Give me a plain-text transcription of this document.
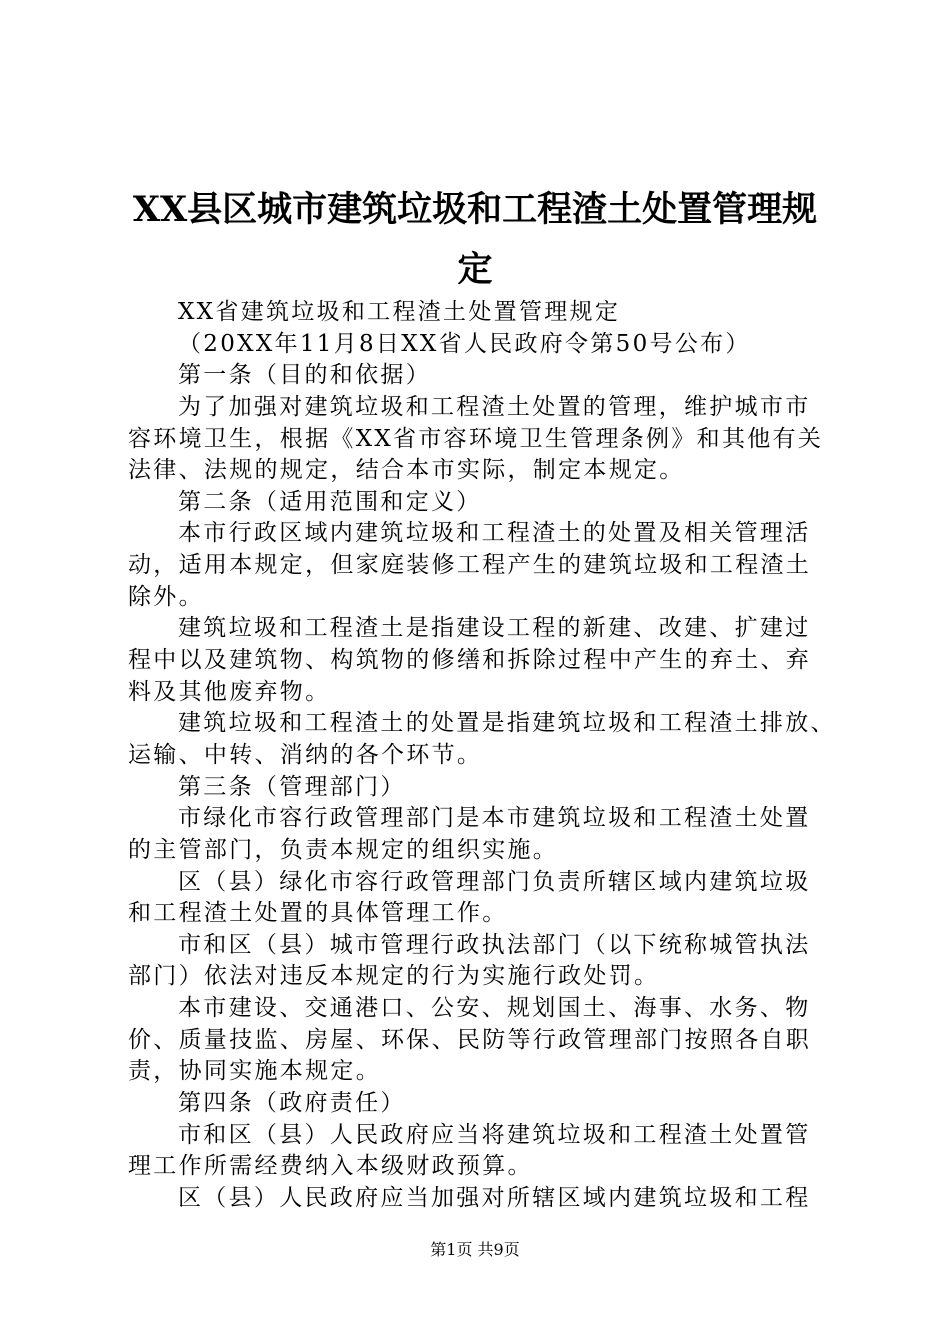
XX县区城市建筑垃圾和工程渣土处置管理规
定
XX省建筑垃圾和工程渣土处置管理规定
（20XX年11月8日XX省人民政府令第50号公布）
第一条（目的和依据）
为了加强对建筑垃圾和工程渣土处置的管理，维护城市市
容环境卫生，根据《XX省市容环境卫生管理条例》和其他有关
法律、法规的规定，结合本市实际，制定本规定。
第二条（适用范围和定义）
本市行政区域内建筑垃圾和工程渣土的处置及相关管理活
动，适用本规定，但家庭装修工程产生的建筑垃圾和工程渣土
除外。
建筑垃圾和工程渣土是指建设工程的新建、改建、扩建过
程中以及建筑物、构筑物的修缮和拆除过程中产生的弃土、弃
料及其他废弃物。
建筑垃圾和工程渣土的处置是指建筑垃圾和工程渣土排放、
运输、中转、消纳的各个环节。
第三条（管理部门）
市绿化市容行政管理部门是本市建筑垃圾和工程渣土处置
的主管部门，负责本规定的组织实施。
区（县）绿化市容行政管理部门负责所辖区域内建筑垃圾
和工程渣土处置的具体管理工作。
市和区（县）城市管理行政执法部门（以下统称城管执法
部门）依法对违反本规定的行为实施行政处罚。
本市建设、交通港口、公安、规划国土、海事、水务、物
价、质量技监、房屋、环保、民防等行政管理部门按照各自职
责，协同实施本规定。
第四条（政府责任）
市和区（县）人民政府应当将建筑垃圾和工程渣土处置管
理工作所需经费纳入本级财政预算。
区（县）人民政府应当加强对所辖区域内建筑垃圾和工程
第1页 共9页
